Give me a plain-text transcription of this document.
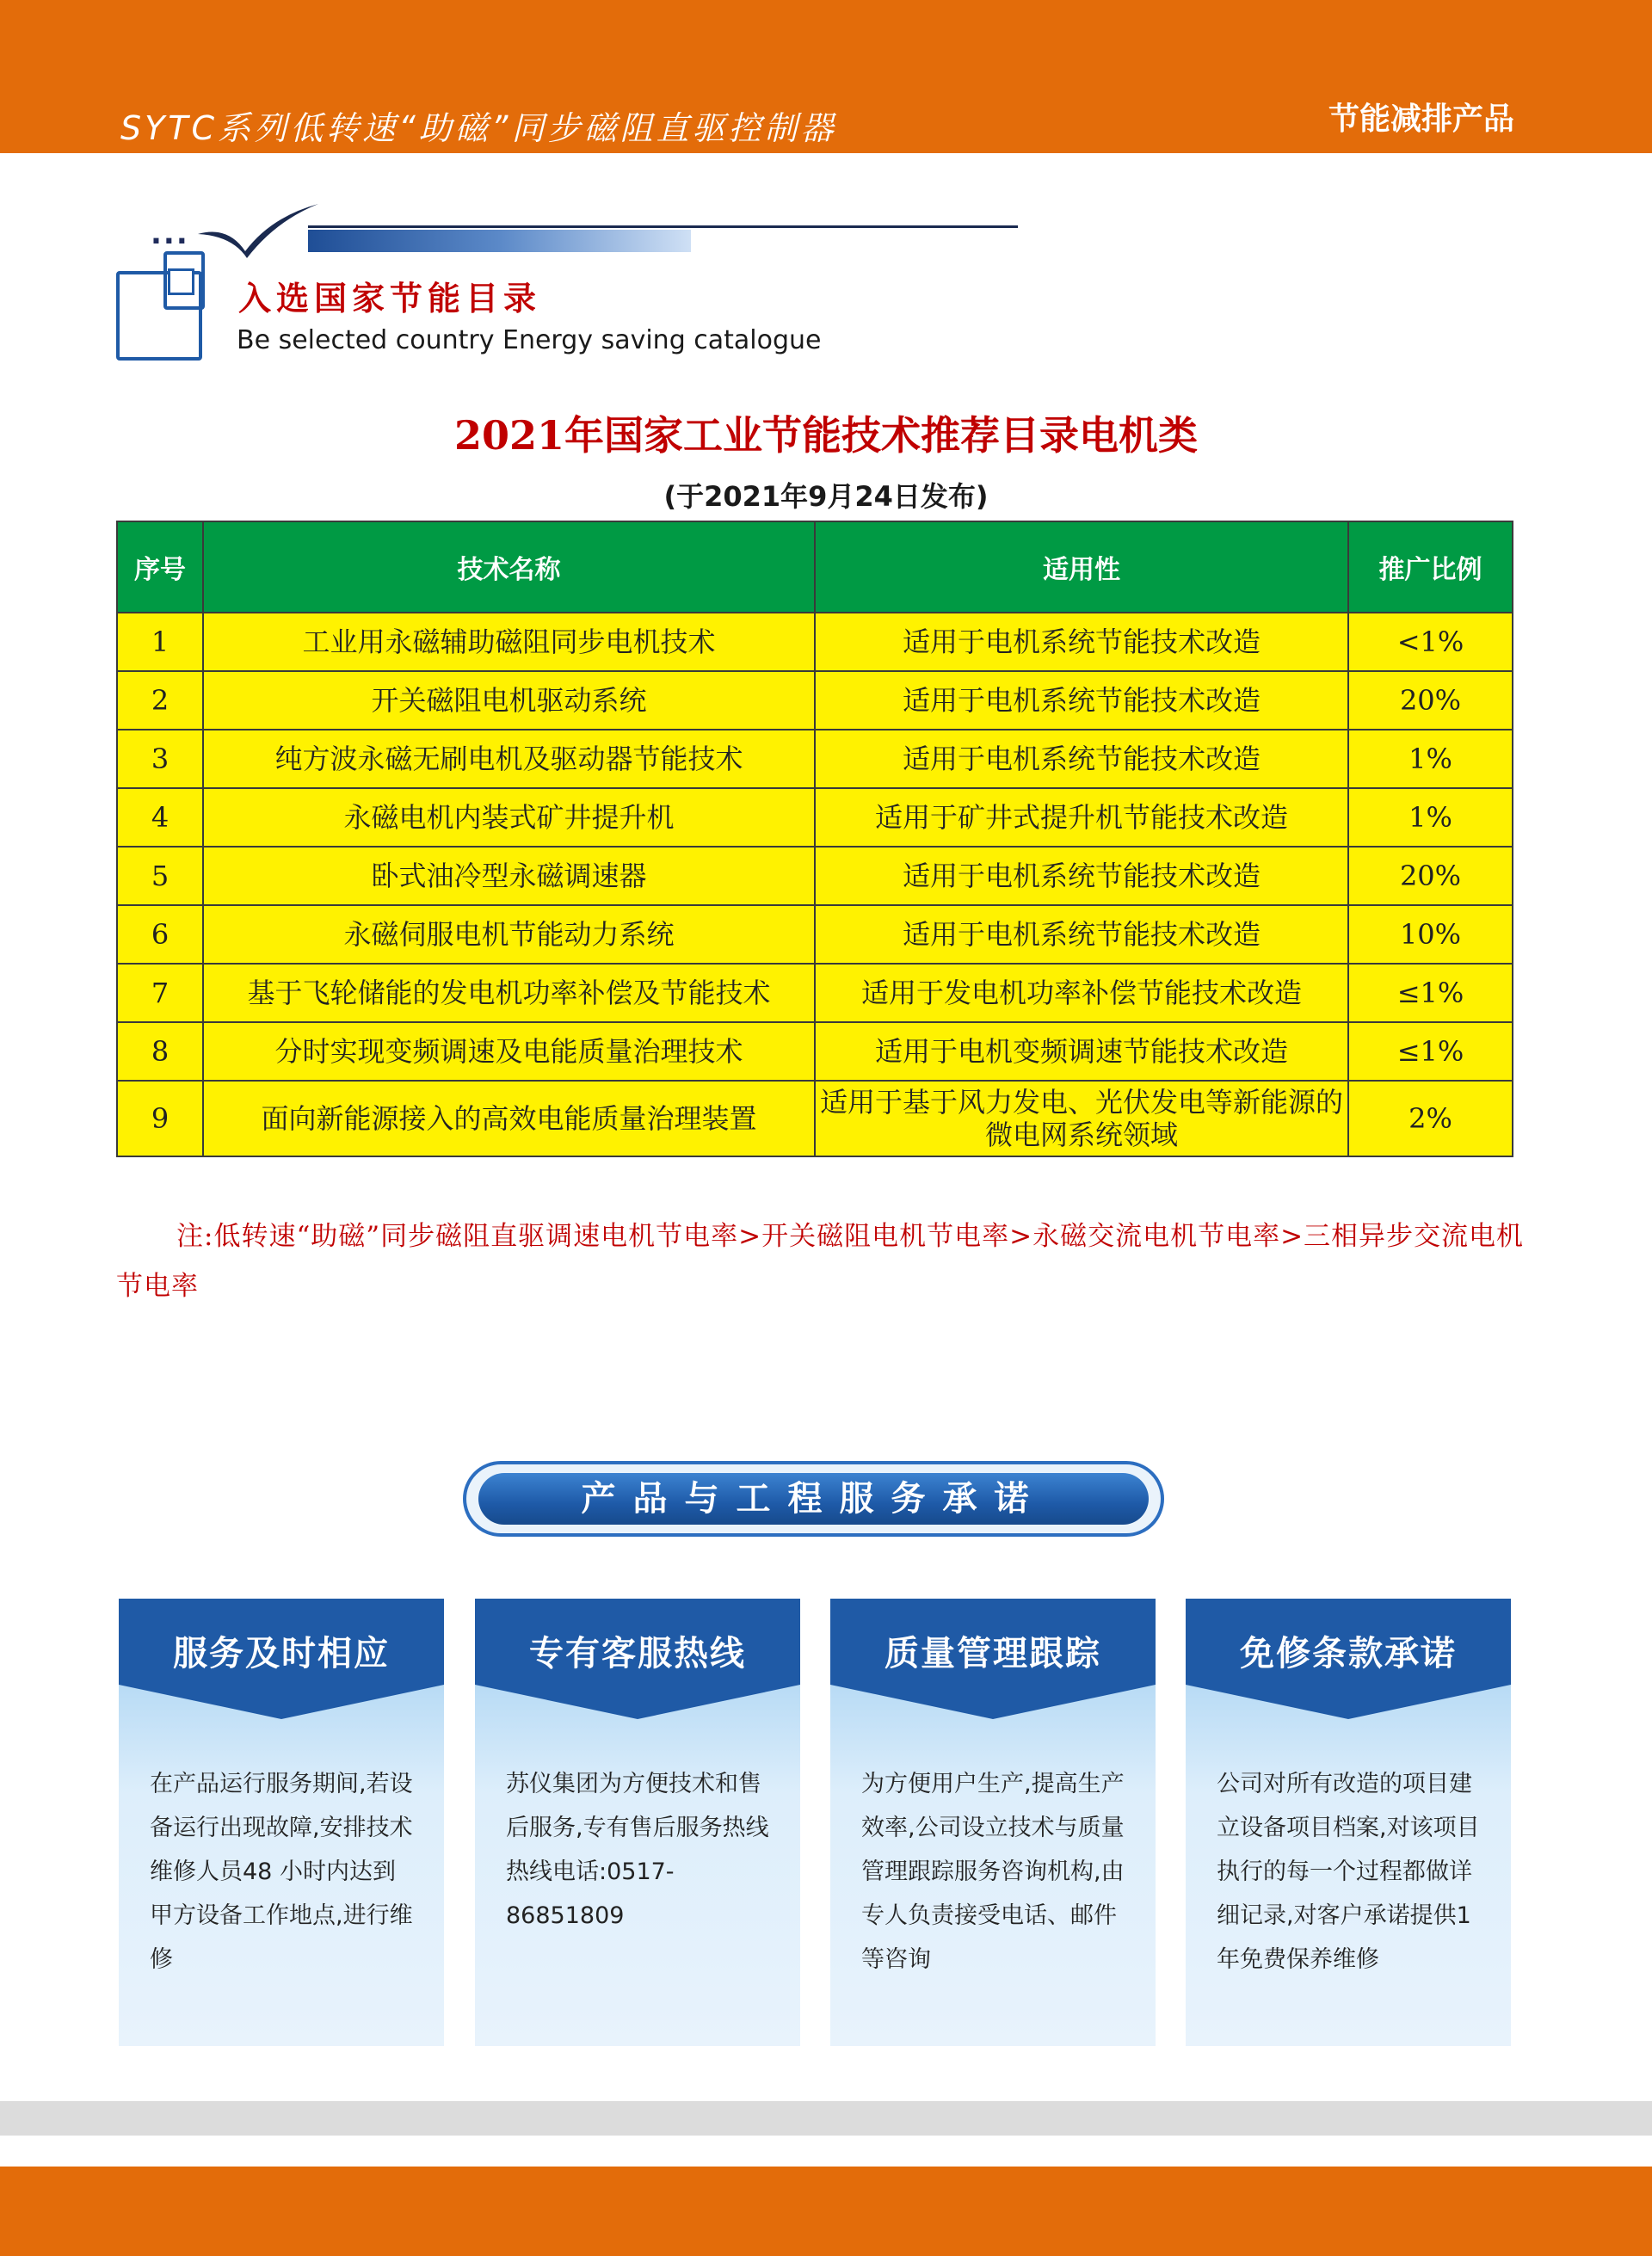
SYTC系列低转速“助磁”同步磁阻直驱控制器	节能减排产品
...
入选国家节能目录
Be selected country Energy saving catalogue
2021年国家工业节能技术推荐目录电机类
(于2021年9月24日发布)
序号	技术名称	适用性	推广比例
1	工业用永磁辅助磁阻同步电机技术	适用于电机系统节能技术改造	<1%
2	开关磁阻电机驱动系统	适用于电机系统节能技术改造	20%
3	纯方波永磁无刷电机及驱动器节能技术	适用于电机系统节能技术改造	1%
4	永磁电机内装式矿井提升机	适用于矿井式提升机节能技术改造	1%
5	卧式油冷型永磁调速器	适用于电机系统节能技术改造	20%
6	永磁伺服电机节能动力系统	适用于电机系统节能技术改造	10%
7	基于飞轮储能的发电机功率补偿及节能技术	适用于发电机功率补偿节能技术改造	≤1%
8	分时实现变频调速及电能质量治理技术	适用于电机变频调速节能技术改造	≤1%
9	面向新能源接入的高效电能质量治理装置	适用于基于风力发电、光伏发电等新能源的微电网系统领域	2%
注:低转速“助磁”同步磁阻直驱调速电机节电率>开关磁阻电机节电率>永磁交流电机节电率>三相异步交流电机节电率
产品与工程服务承诺
服务及时相应
在产品运行服务期间,若设备运行出现故障,安排技术维修人员48 小时内达到甲方设备工作地点,进行维修
专有客服热线
苏仪集团为方便技术和售后服务,专有售后服务热线热线电话:0517-86851809
质量管理跟踪
为方便用户生产,提高生产效率,公司设立技术与质量管理跟踪服务咨询机构,由专人负责接受电话、邮件等咨询
免修条款承诺
公司对所有改造的项目建立设备项目档案,对该项目执行的每一个过程都做详细记录,对客户承诺提供1年免费保养维修
